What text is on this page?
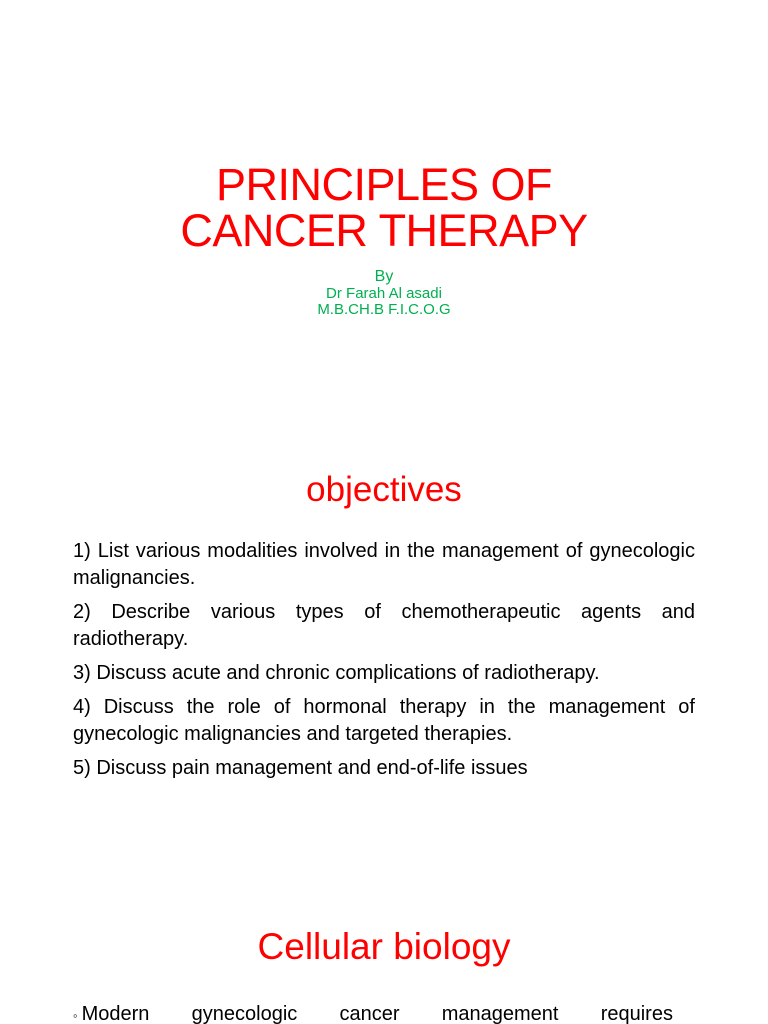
PRINCIPLES OF
CANCER THERAPY
By
Dr Farah Al asadi
M.B.CH.B F.I.C.O.G
objectives
1) List various modalities involved in the management of gynecologic malignancies.
2) Describe various types of chemotherapeutic agents and radiotherapy.
3) Discuss acute and chronic complications of radiotherapy.
4) Discuss the role of hormonal therapy in the management of gynecologic malignancies and targeted therapies.
5) Discuss pain management and end-of-life issues
Cellular biology
◦ Modern gynecologic cancer management requires
